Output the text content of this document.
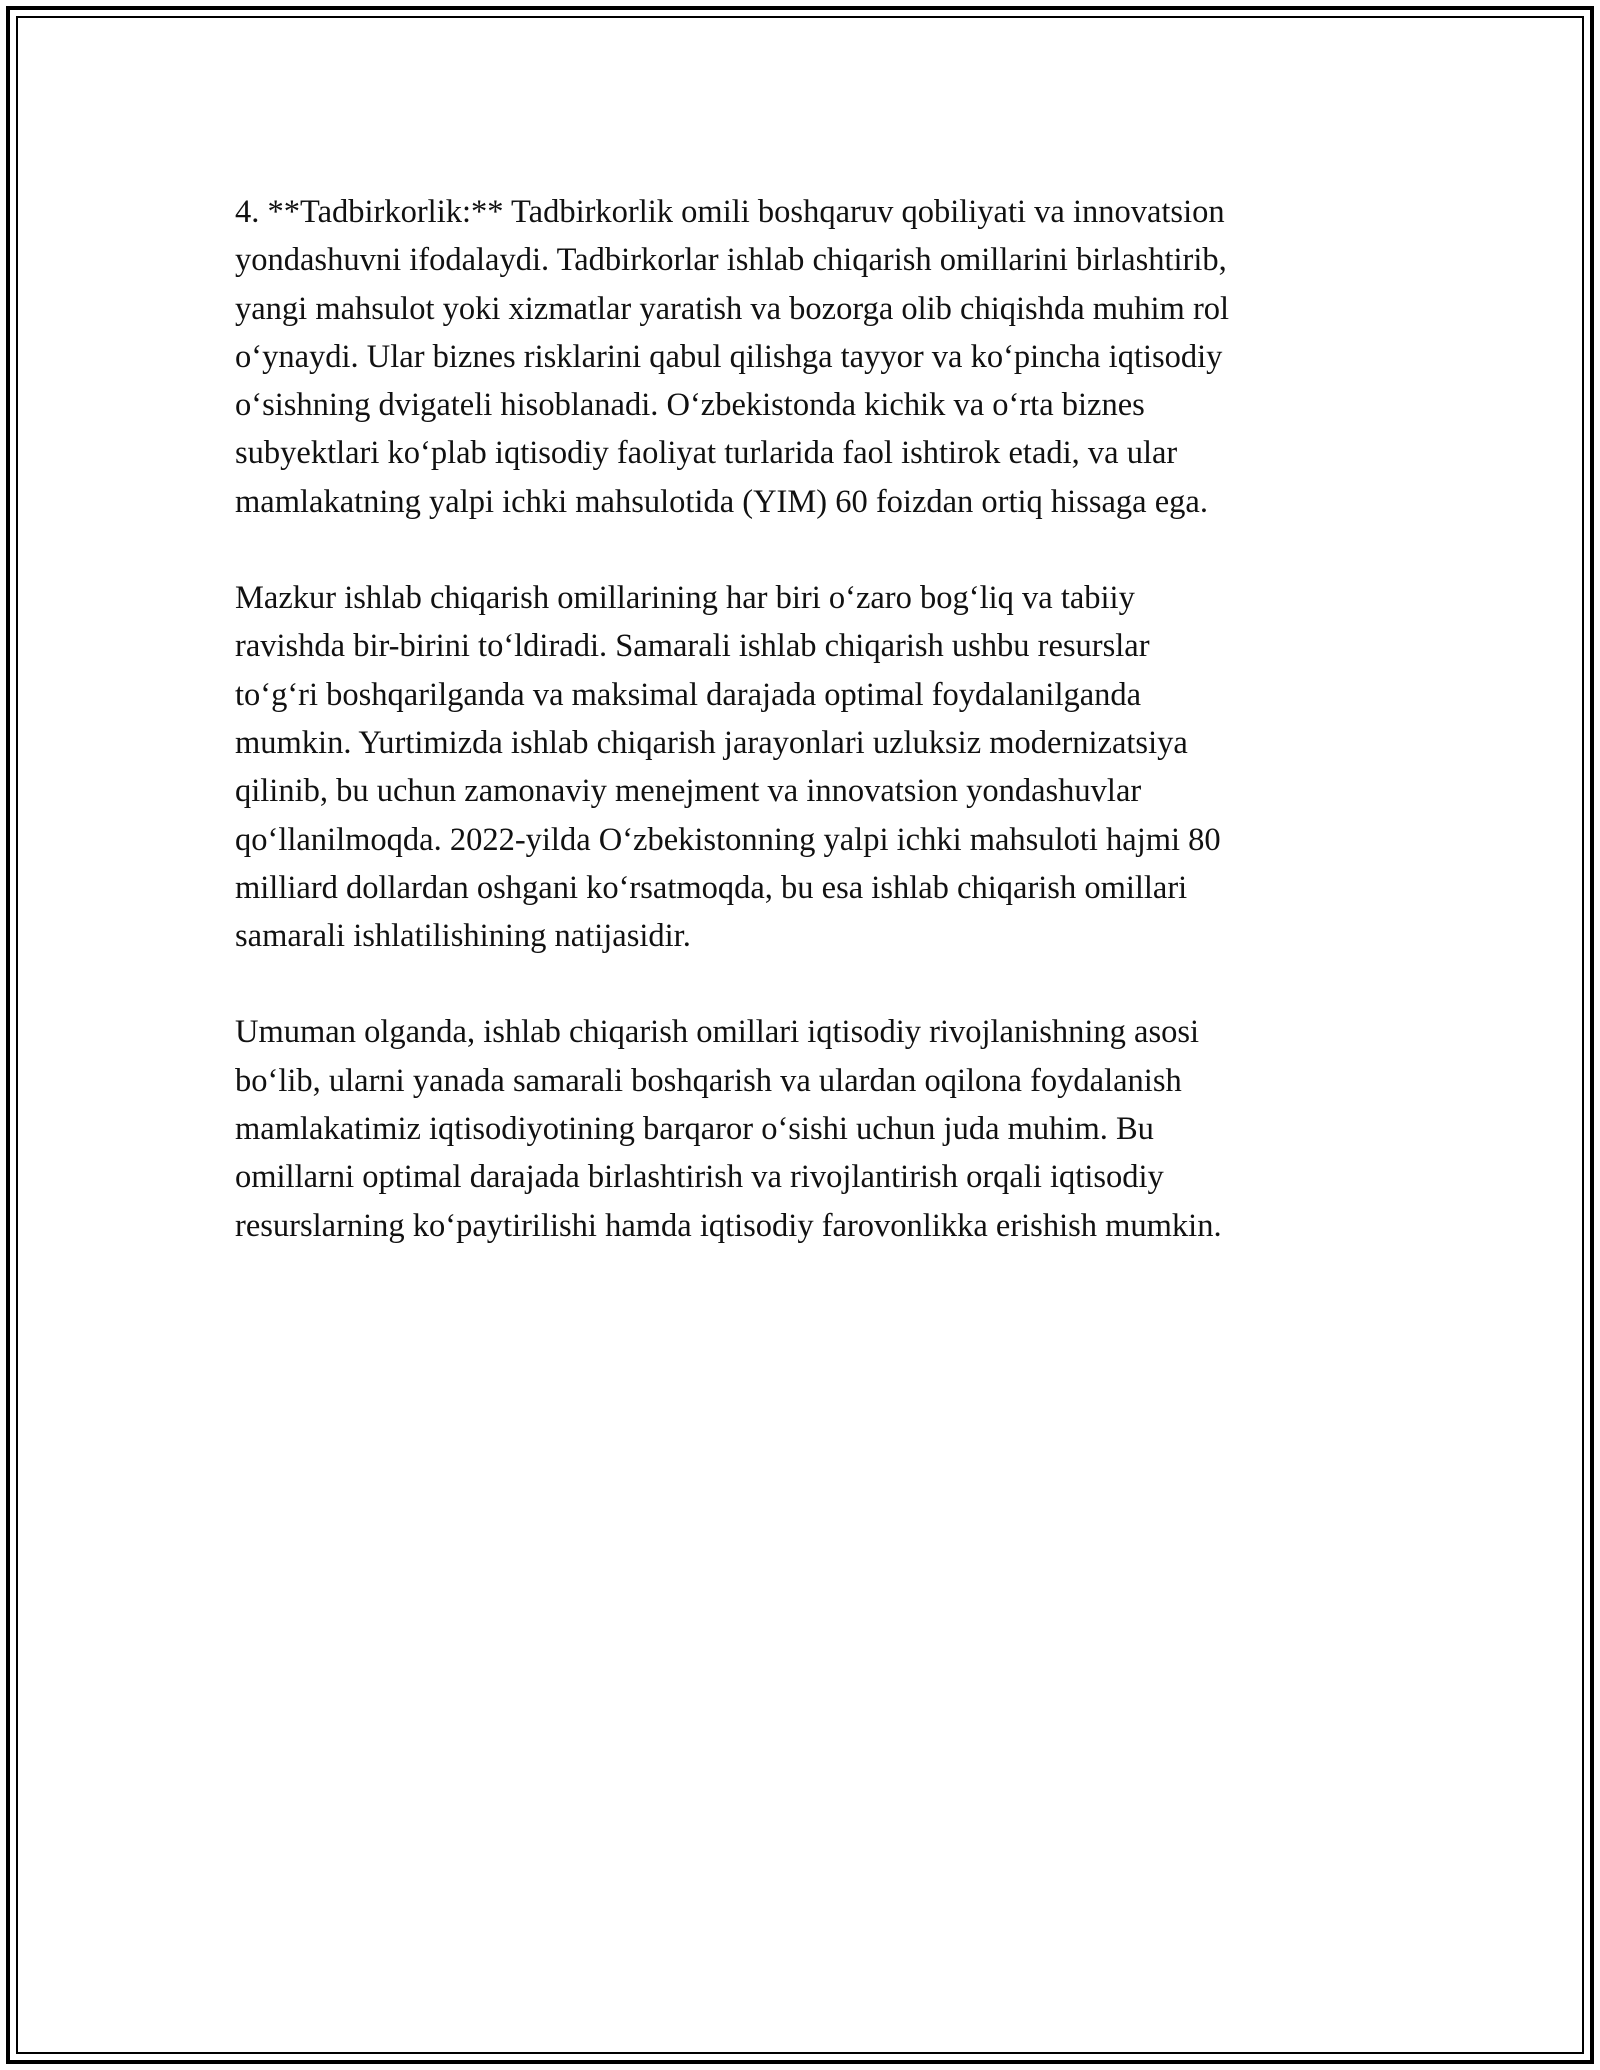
4. **Tadbirkorlik:** Tadbirkorlik omili boshqaruv qobiliyati va innovatsion
yondashuvni ifodalaydi. Tadbirkorlar ishlab chiqarish omillarini birlashtirib,
yangi mahsulot yoki xizmatlar yaratish va bozorga olib chiqishda muhim rol
o‘ynaydi. Ular biznes risklarini qabul qilishga tayyor va ko‘pincha iqtisodiy
o‘sishning dvigateli hisoblanadi. O‘zbekistonda kichik va o‘rta biznes
subyektlari ko‘plab iqtisodiy faoliyat turlarida faol ishtirok etadi, va ular
mamlakatning yalpi ichki mahsulotida (YIM) 60 foizdan ortiq hissaga ega.

Mazkur ishlab chiqarish omillarining har biri o‘zaro bog‘liq va tabiiy
ravishda bir-birini to‘ldiradi. Samarali ishlab chiqarish ushbu resurslar
to‘g‘ri boshqarilganda va maksimal darajada optimal foydalanilganda
mumkin. Yurtimizda ishlab chiqarish jarayonlari uzluksiz modernizatsiya
qilinib, bu uchun zamonaviy menejment va innovatsion yondashuvlar
qo‘llanilmoqda. 2022-yilda O‘zbekistonning yalpi ichki mahsuloti hajmi 80
milliard dollardan oshgani ko‘rsatmoqda, bu esa ishlab chiqarish omillari
samarali ishlatilishining natijasidir.

Umuman olganda, ishlab chiqarish omillari iqtisodiy rivojlanishning asosi
bo‘lib, ularni yanada samarali boshqarish va ulardan oqilona foydalanish
mamlakatimiz iqtisodiyotining barqaror o‘sishi uchun juda muhim. Bu
omillarni optimal darajada birlashtirish va rivojlantirish orqali iqtisodiy
resurslarning ko‘paytirilishi hamda iqtisodiy farovonlikka erishish mumkin.
